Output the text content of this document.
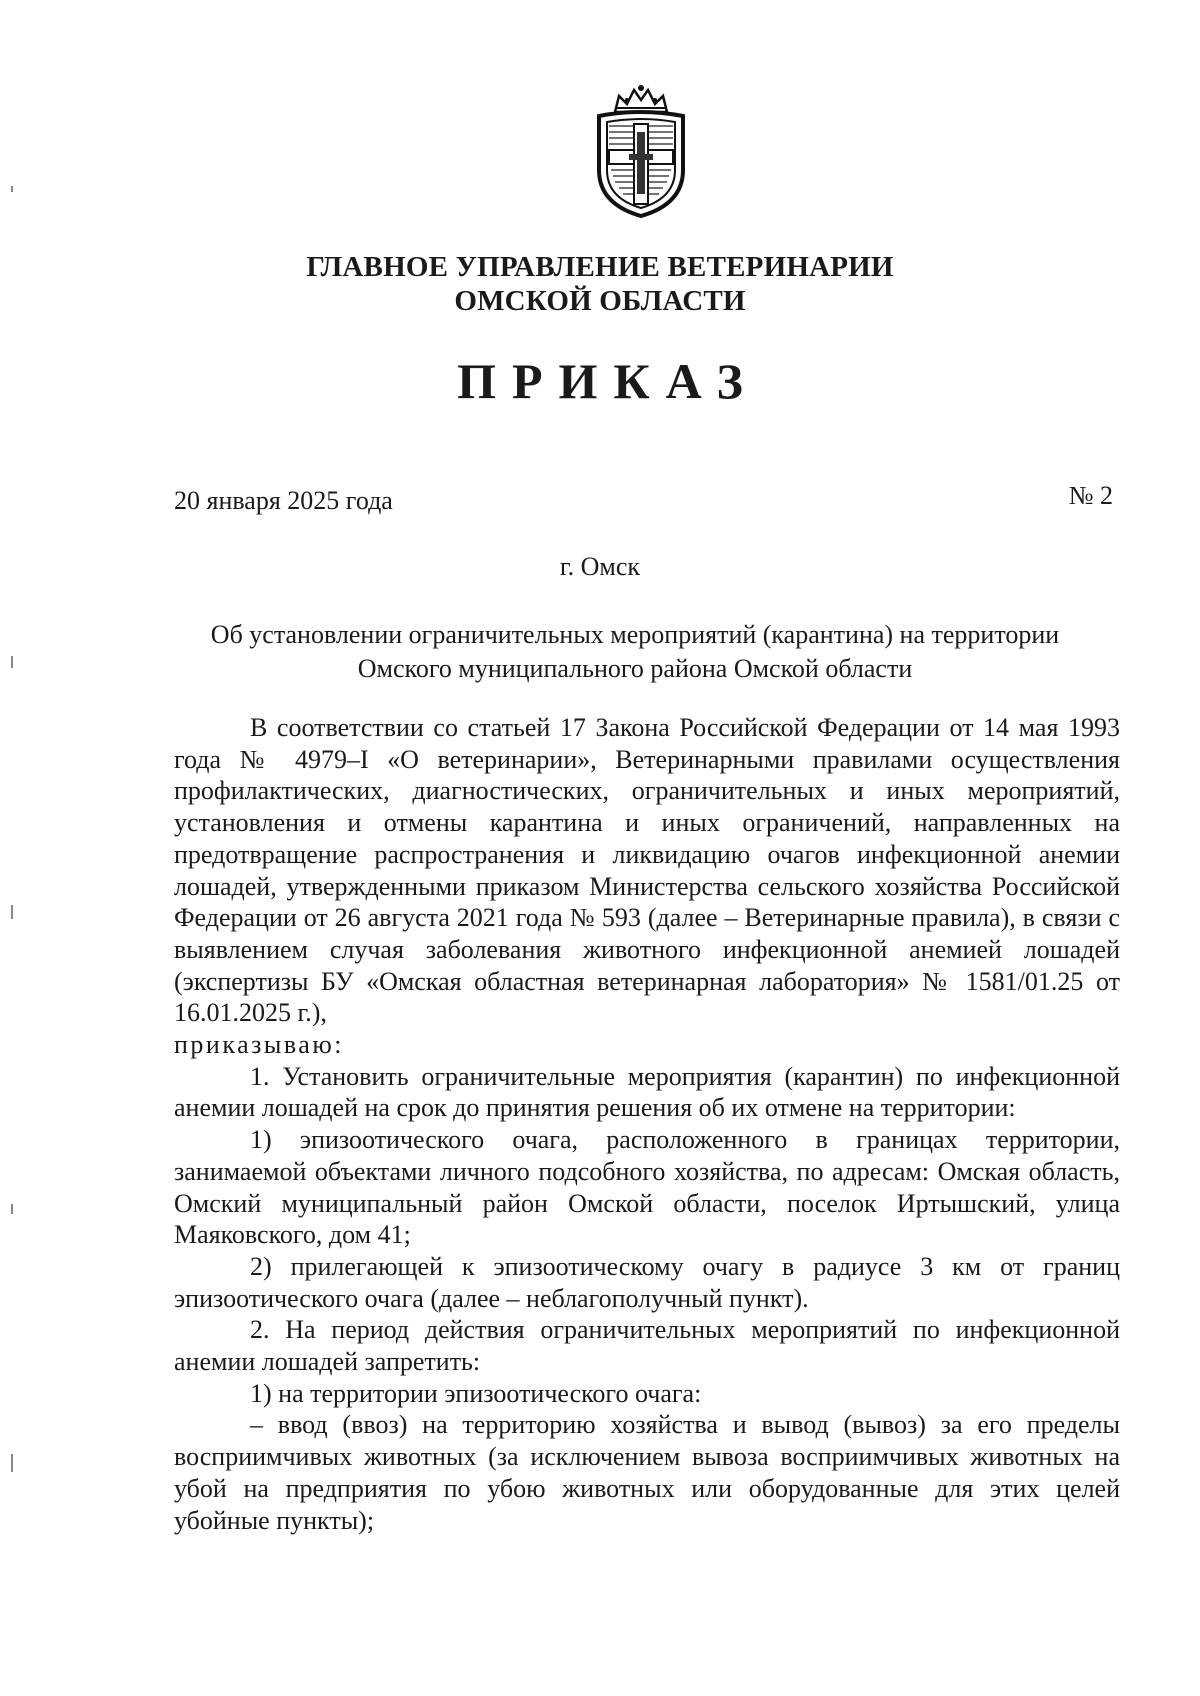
ГЛАВНОЕ УПРАВЛЕНИЕ ВЕТЕРИНАРИИ
ОМСКОЙ ОБЛАСТИ
ПРИКАЗ
20 января 2025 года	№ 2
г. Омск
Об установлении ограничительных мероприятий (карантина) на территории
Омского муниципального района Омской области

В соответствии со статьей 17 Закона Российской Федерации от 14 мая 1993 года № 4979–I «О ветеринарии», Ветеринарными правилами осуществления профилактических, диагностических, ограничительных и иных мероприятий, установления и отмены карантина и иных ограничений, направленных на предотвращение распространения и ликвидацию очагов инфекционной анемии лошадей, утвержденными приказом Министерства сельского хозяйства Российской Федерации от 26 августа 2021 года № 593 (далее – Ветеринарные правила), в связи с выявлением случая заболевания животного инфекционной анемией лошадей (экспертизы БУ «Омская областная ветеринарная лаборатория» № 1581/01.25 от 16.01.2025 г.),

приказываю:

1. Установить ограничительные мероприятия (карантин) по инфекционной анемии лошадей на срок до принятия решения об их отмене на территории:

1) эпизоотического очага, расположенного в границах территории, занимаемой объектами личного подсобного хозяйства, по адресам: Омская область, Омский муниципальный район Омской области, поселок Иртышский, улица Маяковского, дом 41;

2) прилегающей к эпизоотическому очагу в радиусе 3 км от границ эпизоотического очага (далее – неблагополучный пункт).

2. На период действия ограничительных мероприятий по инфекционной анемии лошадей запретить:

1) на территории эпизоотического очага:

– ввод (ввоз) на территорию хозяйства и вывод (вывоз) за его пределы восприимчивых животных (за исключением вывоза восприимчивых животных на убой на предприятия по убою животных или оборудованные для этих целей убойные пункты);
